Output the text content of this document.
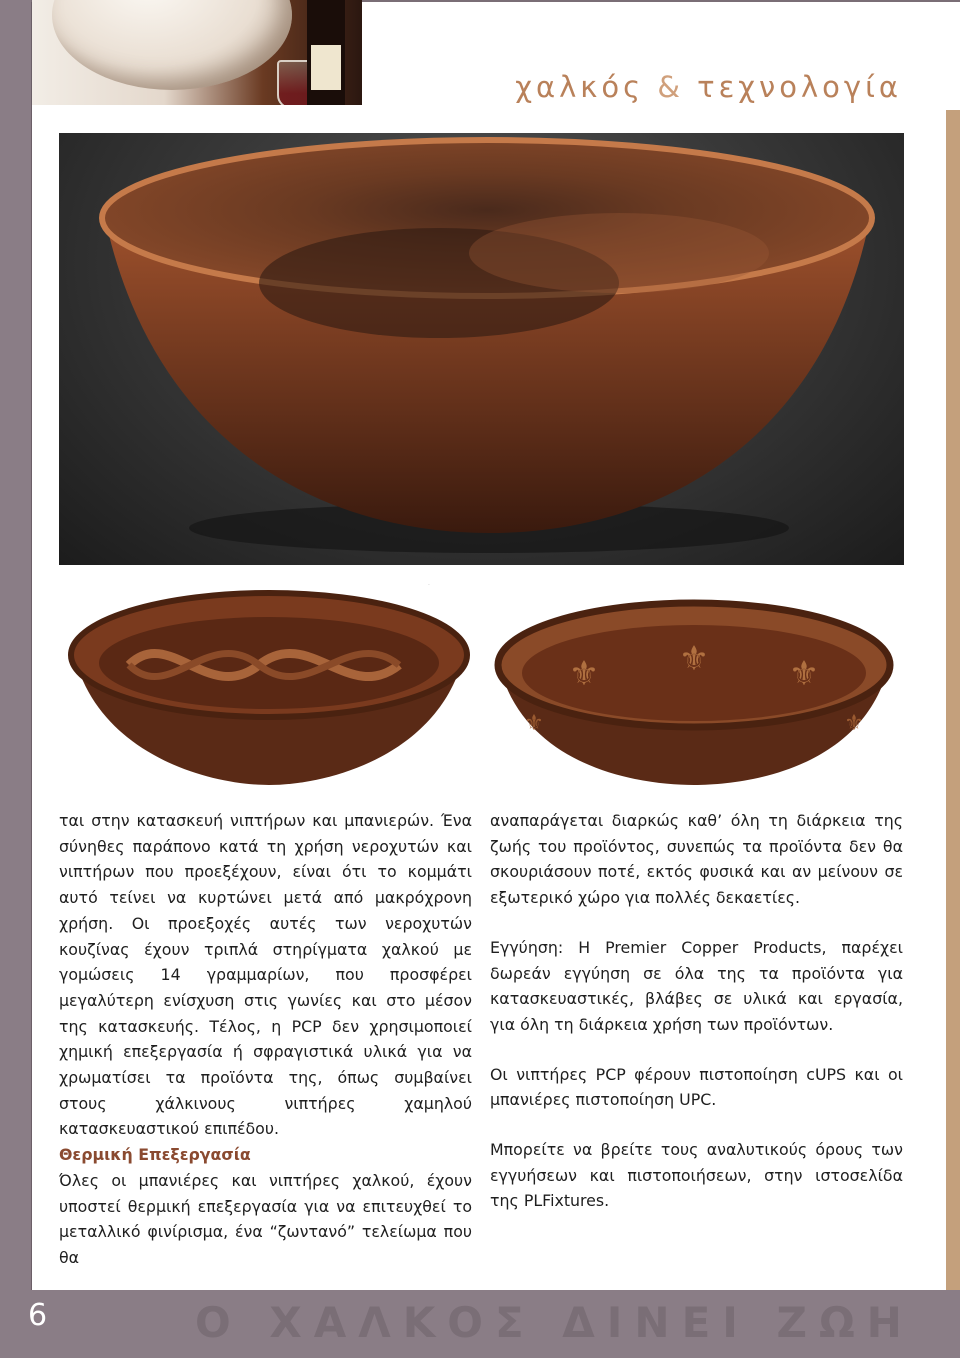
χαλκός & τεχνολογία
⚜ ⚜ ⚜
⚜	⚜

ται στην κατασκευή νιπτήρων και μπανιερών. Ένα σύνηθες παράπονο κατά τη χρήση νεροχυτών και νιπτήρων που προεξέχουν, είναι ότι το κομμάτι αυτό τείνει να κυρτώνει μετά από μακρόχρονη χρήση. Οι προεξοχές αυτές των νεροχυτών κουζίνας έχουν τριπλά στηρίγματα χαλκού με γομώσεις 14 γραμμαρίων, που προσφέρει μεγαλύτερη ενίσχυση στις γωνίες και στο μέσον της κατασκευής. Τέλος, η PCP δεν χρησιμοποιεί χημική επεξεργασία ή σφραγιστικά υλικά για να χρωματίσει τα προϊόντα της, όπως συμβαίνει στους χάλκινους νιπτήρες χαμηλού κατασκευαστικού επιπέδου.

Θερμική Επεξεργασία

Όλες οι μπανιέρες και νιπτήρες χαλκού, έχουν υποστεί θερμική επεξεργασία για να επιτευχθεί το μεταλλικό φινίρισμα, ένα “ζωντανό” τελείωμα που θα

αναπαράγεται διαρκώς καθ’ όλη τη διάρκεια της ζωής του προϊόντος, συνεπώς τα προϊόντα δεν θα σκουριάσουν ποτέ, εκτός φυσικά και αν μείνουν σε εξωτερικό χώρο για πολλές δεκαετίες.

Εγγύηση: Η Premier Copper Products, παρέχει δωρεάν εγγύηση σε όλα της τα προϊόντα για κατασκευαστικές, βλάβες σε υλικά και εργασία, για όλη τη διάρκεια χρήση των προϊόντων.

Οι νιπτήρες PCP φέρουν πιστοποίηση cUPS και οι μπανιέρες πιστοποίηση UPC.

Μπορείτε να βρείτε τους αναλυτικούς όρους των εγγυήσεων και πιστοποιήσεων, στην ιστοσελίδα της PLFixtures.

6	Ο ΧΑΛΚΟΣ ΔΙΝΕΙ ΖΩΗ
